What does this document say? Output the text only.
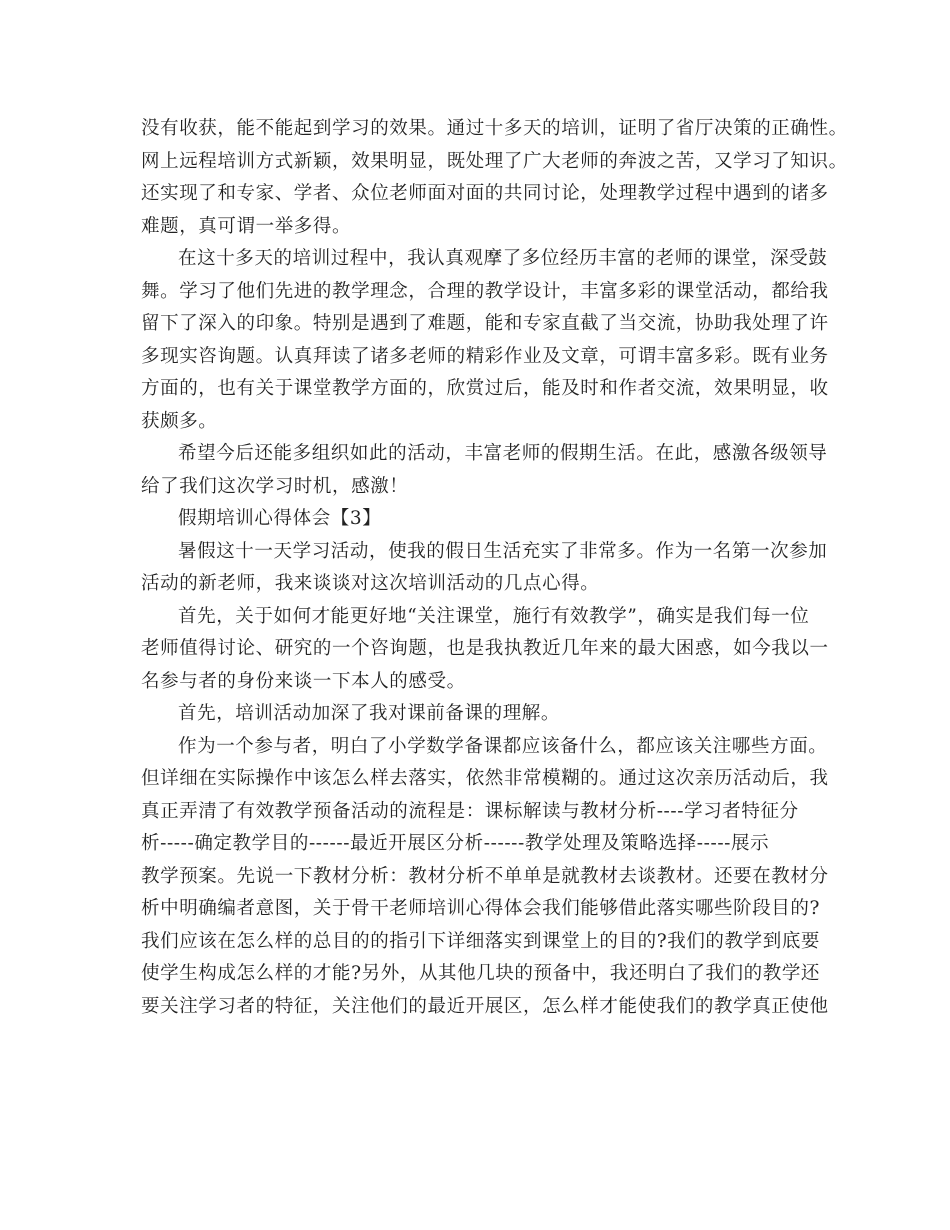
没有收获，能不能起到学习的效果。通过十多天的培训，证明了省厅决策的正确性。
网上远程培训方式新颖，效果明显，既处理了广大老师的奔波之苦，又学习了知识。
还实现了和专家、学者、众位老师面对面的共同讨论，处理教学过程中遇到的诸多
难题，真可谓一举多得。
在这十多天的培训过程中，我认真观摩了多位经历丰富的老师的课堂，深受鼓
舞。学习了他们先进的教学理念，合理的教学设计，丰富多彩的课堂活动，都给我
留下了深入的印象。特别是遇到了难题，能和专家直截了当交流，协助我处理了许
多现实咨询题。认真拜读了诸多老师的精彩作业及文章，可谓丰富多彩。既有业务
方面的，也有关于课堂教学方面的，欣赏过后，能及时和作者交流，效果明显，收
获颇多。
希望今后还能多组织如此的活动，丰富老师的假期生活。在此，感激各级领导
给了我们这次学习时机，感激！
假期培训心得体会【3】
暑假这十一天学习活动，使我的假日生活充实了非常多。作为一名第一次参加
活动的新老师，我来谈谈对这次培训活动的几点心得。
首先，关于如何才能更好地“关注课堂，施行有效教学”，确实是我们每一位
老师值得讨论、研究的一个咨询题，也是我执教近几年来的最大困惑，如今我以一
名参与者的身份来谈一下本人的感受。
首先，培训活动加深了我对课前备课的理解。
作为一个参与者，明白了小学数学备课都应该备什么，都应该关注哪些方面。
但详细在实际操作中该怎么样去落实，依然非常模糊的。通过这次亲历活动后，我
真正弄清了有效教学预备活动的流程是：课标解读与教材分析----学习者特征分
析-----确定教学目的------最近开展区分析------教学处理及策略选择-----展示
教学预案。先说一下教材分析：教材分析不单单是就教材去谈教材。还要在教材分
析中明确编者意图，关于骨干老师培训心得体会我们能够借此落实哪些阶段目的?
我们应该在怎么样的总目的的指引下详细落实到课堂上的目的?我们的教学到底要
使学生构成怎么样的才能?另外，从其他几块的预备中，我还明白了我们的教学还
要关注学习者的特征，关注他们的最近开展区，怎么样才能使我们的教学真正使他
